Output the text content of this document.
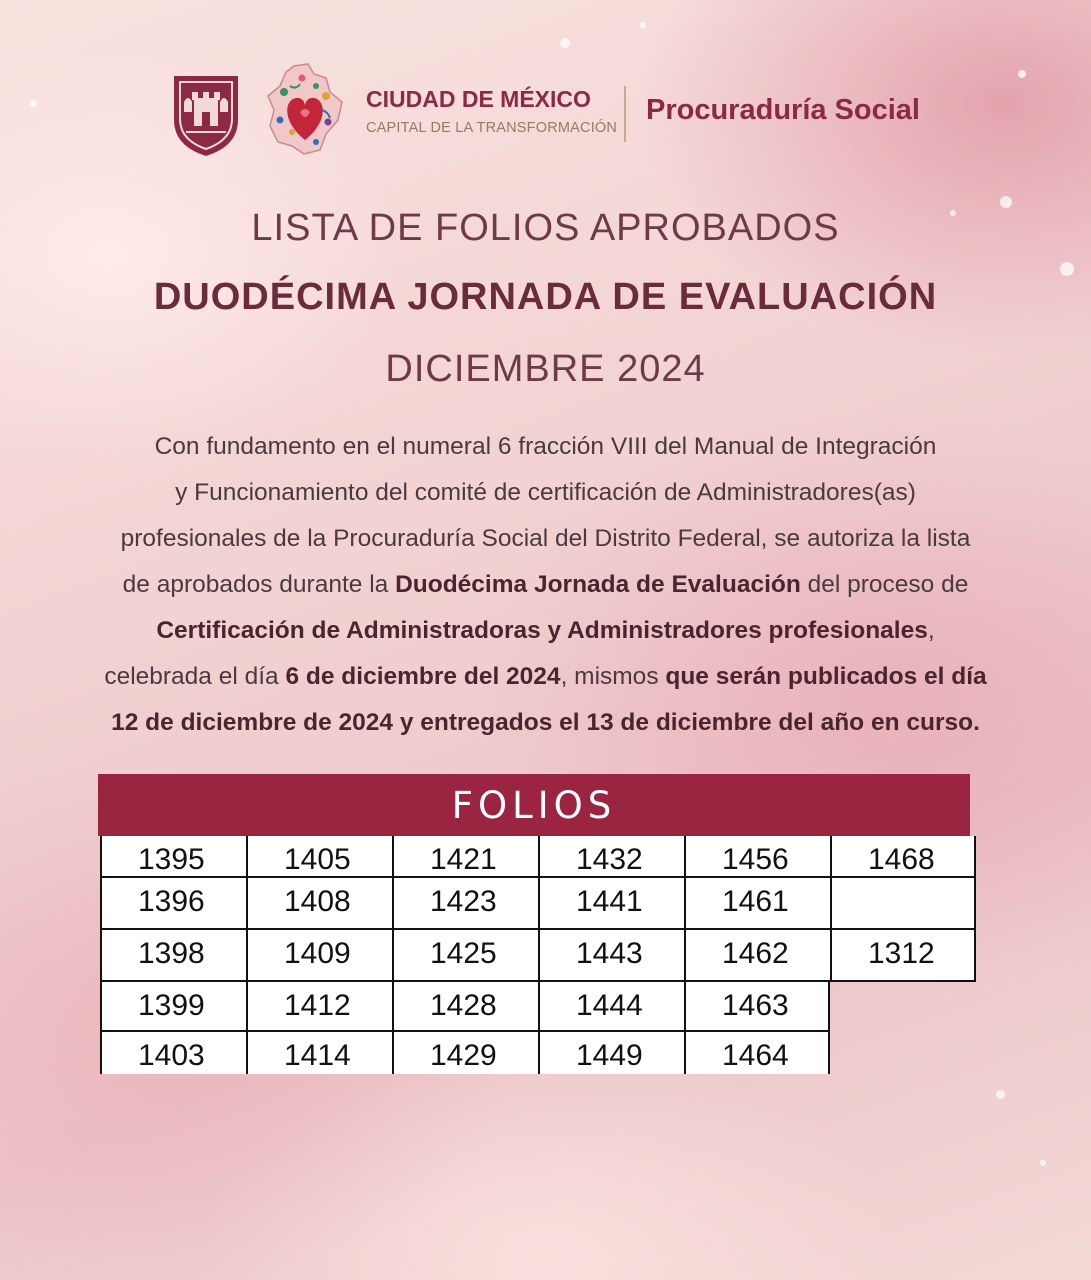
CIUDAD DE MÉXICO
CAPITAL DE LA TRANSFORMACIÓN
Procuraduría Social
LISTA DE FOLIOS APROBADOS
DUODÉCIMA JORNADA DE EVALUACIÓN
DICIEMBRE 2024
Con fundamento en el numeral 6 fracción VIII del Manual de Integración
y Funcionamiento del comité de certificación de Administradores(as)
profesionales de la Procuraduría Social del Distrito Federal, se autoriza la lista
de aprobados durante la Duodécima Jornada de Evaluación del proceso de
Certificación de Administradoras y Administradores profesionales,
celebrada el día 6 de diciembre del 2024, mismos que serán publicados el día
12 de diciembre de 2024 y entregados el 13 de diciembre del año en curso.
FOLIOS
1395	1405	1421	1432	1456	1468
1396	1408	1423	1441	1461
1398	1409	1425	1443	1462	1312
1399	1412	1428	1444	1463
1403	1414	1429	1449	1464
